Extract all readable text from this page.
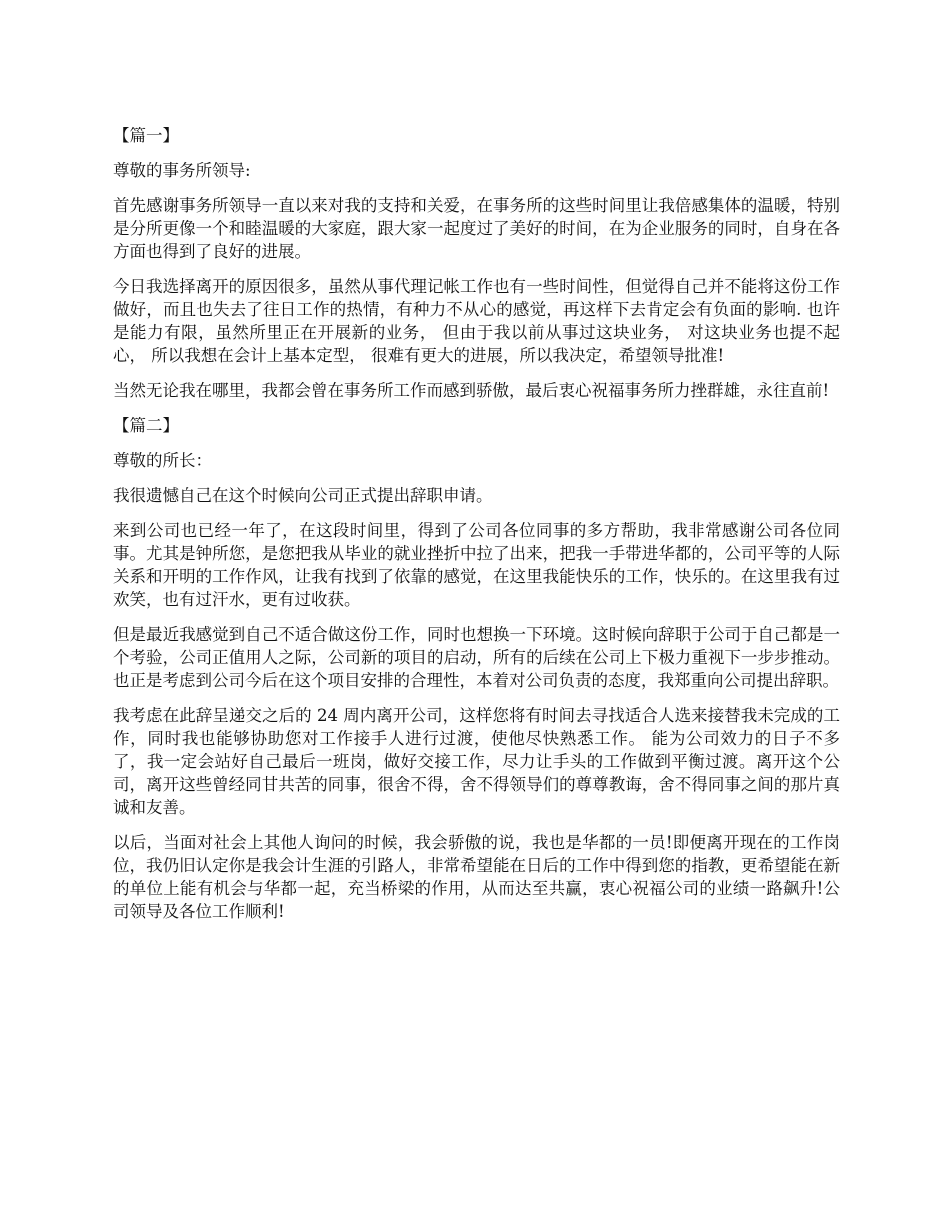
【篇一】

尊敬的事务所领导:

首先感谢事务所领导一直以来对我的支持和关爱，在事务所的这些时间里让我倍感集体的温暖，特别是分所更像一个和睦温暖的大家庭，跟大家一起度过了美好的时间，在为企业服务的同时，自身在各方面也得到了良好的进展。

今日我选择离开的原因很多，虽然从事代理记帐工作也有一些时间性，但觉得自己并不能将这份工作做好，而且也失去了往日工作的热情，有种力不从心的感觉，再这样下去肯定会有负面的影响. 也许是能力有限，虽然所里正在开展新的业务， 但由于我以前从事过这块业务， 对这块业务也提不起心， 所以我想在会计上基本定型， 很难有更大的进展，所以我决定，希望领导批准!

当然无论我在哪里，我都会曾在事务所工作而感到骄傲，最后衷心祝福事务所力挫群雄，永往直前!

【篇二】

尊敬的所长：

我很遗憾自己在这个时候向公司正式提出辞职申请。

来到公司也已经一年了，在这段时间里，得到了公司各位同事的多方帮助，我非常感谢公司各位同事。尤其是钟所您，是您把我从毕业的就业挫折中拉了出来，把我一手带进华都的，公司平等的人际关系和开明的工作作风，让我有找到了依靠的感觉，在这里我能快乐的工作，快乐的。在这里我有过欢笑，也有过汗水，更有过收获。

但是最近我感觉到自己不适合做这份工作，同时也想换一下环境。这时候向辞职于公司于自己都是一个考验，公司正值用人之际，公司新的项目的启动，所有的后续在公司上下极力重视下一步步推动。也正是考虑到公司今后在这个项目安排的合理性，本着对公司负责的态度，我郑重向公司提出辞职。

我考虑在此辞呈递交之后的 24 周内离开公司，这样您将有时间去寻找适合人选来接替我未完成的工作，同时我也能够协助您对工作接手人进行过渡，使他尽快熟悉工作。 能为公司效力的日子不多了，我一定会站好自己最后一班岗，做好交接工作，尽力让手头的工作做到平衡过渡。离开这个公司，离开这些曾经同甘共苦的同事，很舍不得，舍不得领导们的尊尊教诲，舍不得同事之间的那片真诚和友善。

以后，当面对社会上其他人询问的时候，我会骄傲的说，我也是华都的一员!即便离开现在的工作岗位，我仍旧认定你是我会计生涯的引路人，非常希望能在日后的工作中得到您的指教，更希望能在新的单位上能有机会与华都一起，充当桥梁的作用，从而达至共赢，衷心祝福公司的业绩一路飙升!公司领导及各位工作顺利!
